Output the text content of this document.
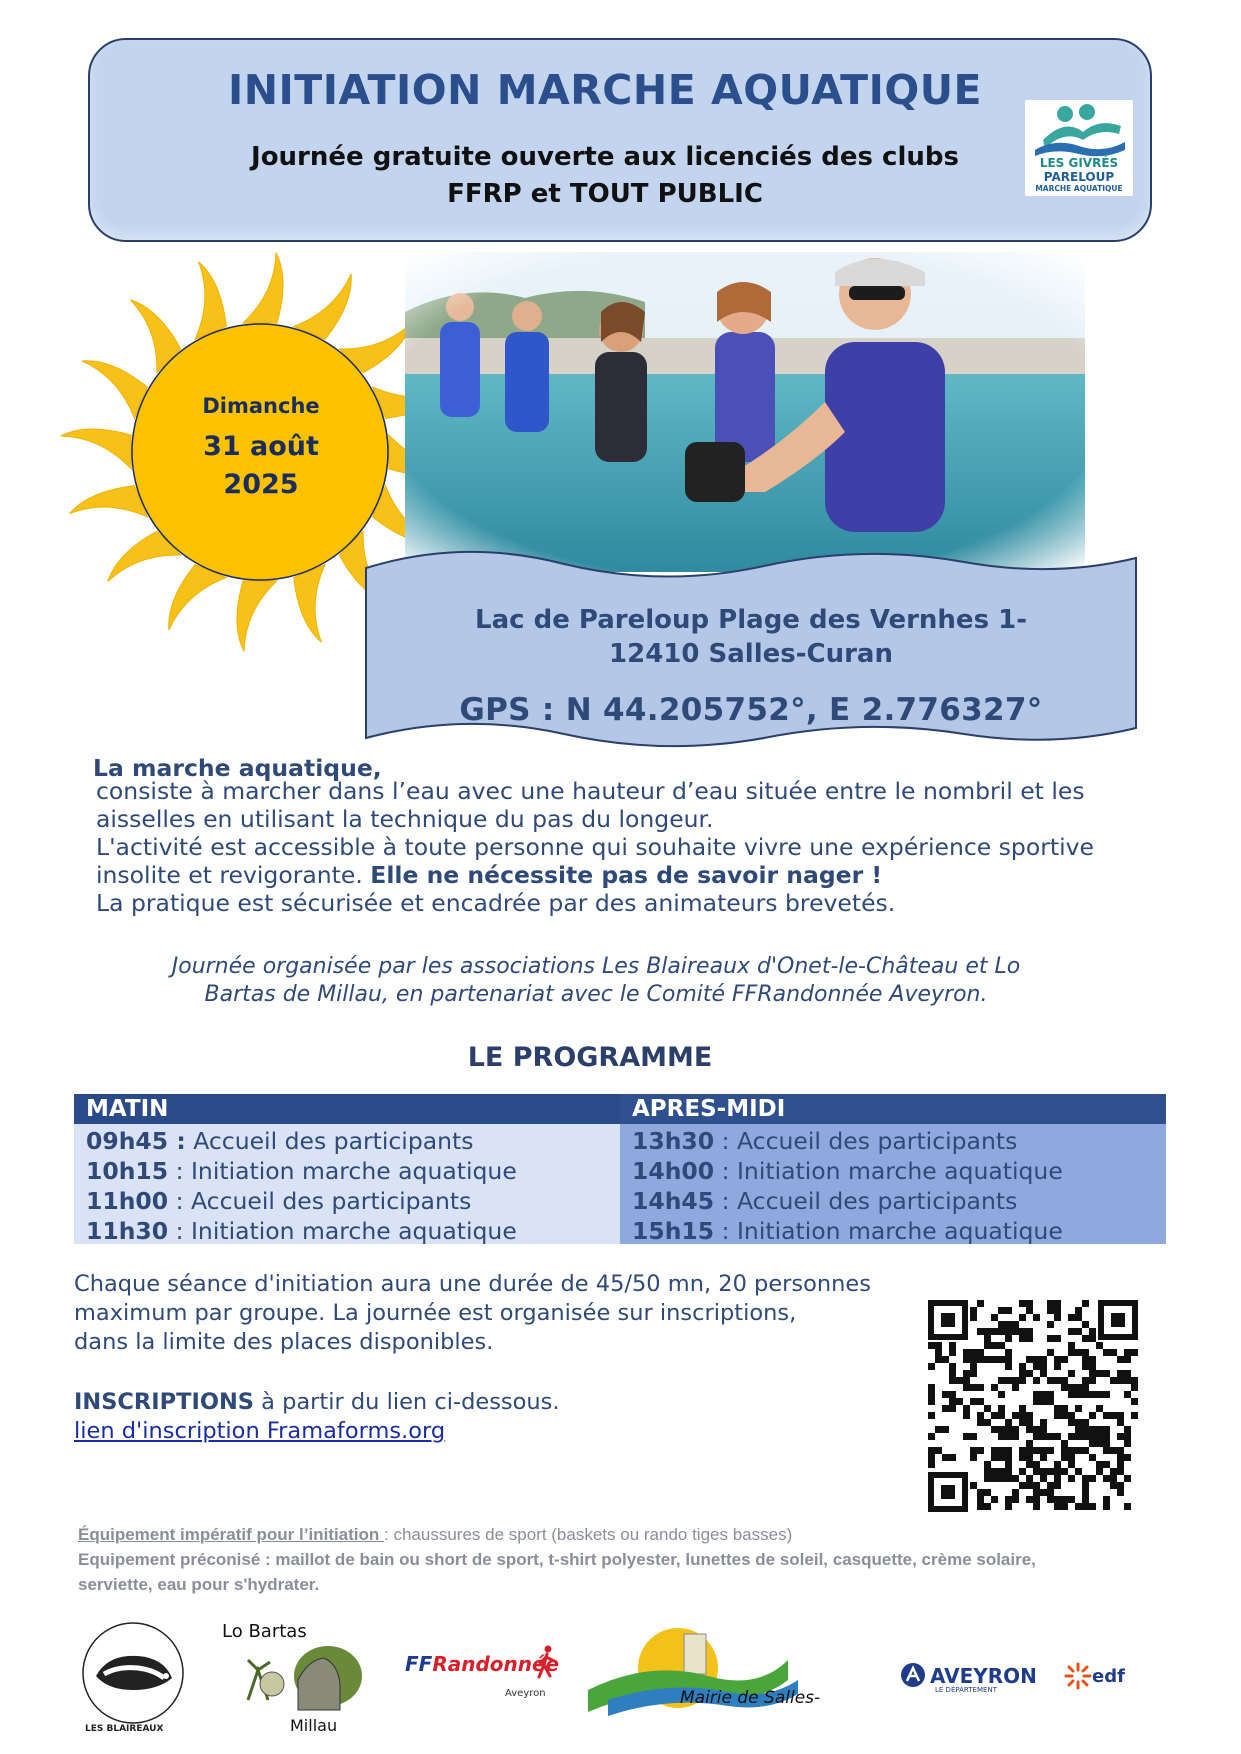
INITIATION MARCHE AQUATIQUE
Journée gratuite ouverte aux licenciés des clubs
FFRP et TOUT PUBLIC
LES GIVRÉS
PARELOUP
MARCHE AQUATIQUE
Dimanche
31 août
2025
Lac de Pareloup Plage des Vernhes 1-
12410 Salles-Curan
GPS : N 44.205752°, E 2.776327°
La marche aquatique,
consiste à marcher dans l’eau avec une hauteur d’eau située entre le nombril et les
aisselles en utilisant la technique du pas du longeur.
L'activité est accessible à toute personne qui souhaite vivre une expérience sportive
insolite et revigorante. Elle ne nécessite pas de savoir nager !
La pratique est sécurisée et encadrée par des animateurs brevetés.
Journée organisée par les associations Les Blaireaux d'Onet-le-Château et Lo
Bartas de Millau, en partenariat avec le Comité FFRandonnée Aveyron.
LE PROGRAMME
MATIN
09h45 : Accueil des participants
10h15 : Initiation marche aquatique
11h00 : Accueil des participants
11h30 : Initiation marche aquatique
APRES-MIDI
13h30 : Accueil des participants
14h00 : Initiation marche aquatique
14h45 : Accueil des participants
15h15 : Initiation marche aquatique
Chaque séance d'initiation aura une durée de 45/50 mn, 20 personnes
maximum par groupe. La journée est organisée sur inscriptions,
dans la limite des places disponibles.
INSCRIPTIONS à partir du lien ci-dessous.
lien d'inscription Framaforms.org
Équipement impératif pour l’initiation : chaussures de sport (baskets ou rando tiges basses)
Equipement préconisé : maillot de bain ou short de sport, t-shirt polyester, lunettes de soleil, casquette, crème solaire,
serviette, eau pour s'hydrater.
LES BLAIREAUX
Lo Bartas
Millau
FFRandonnée
Aveyron	Mairie de Salles-
AVEYRON
LE DÉPARTEMENT
edf
